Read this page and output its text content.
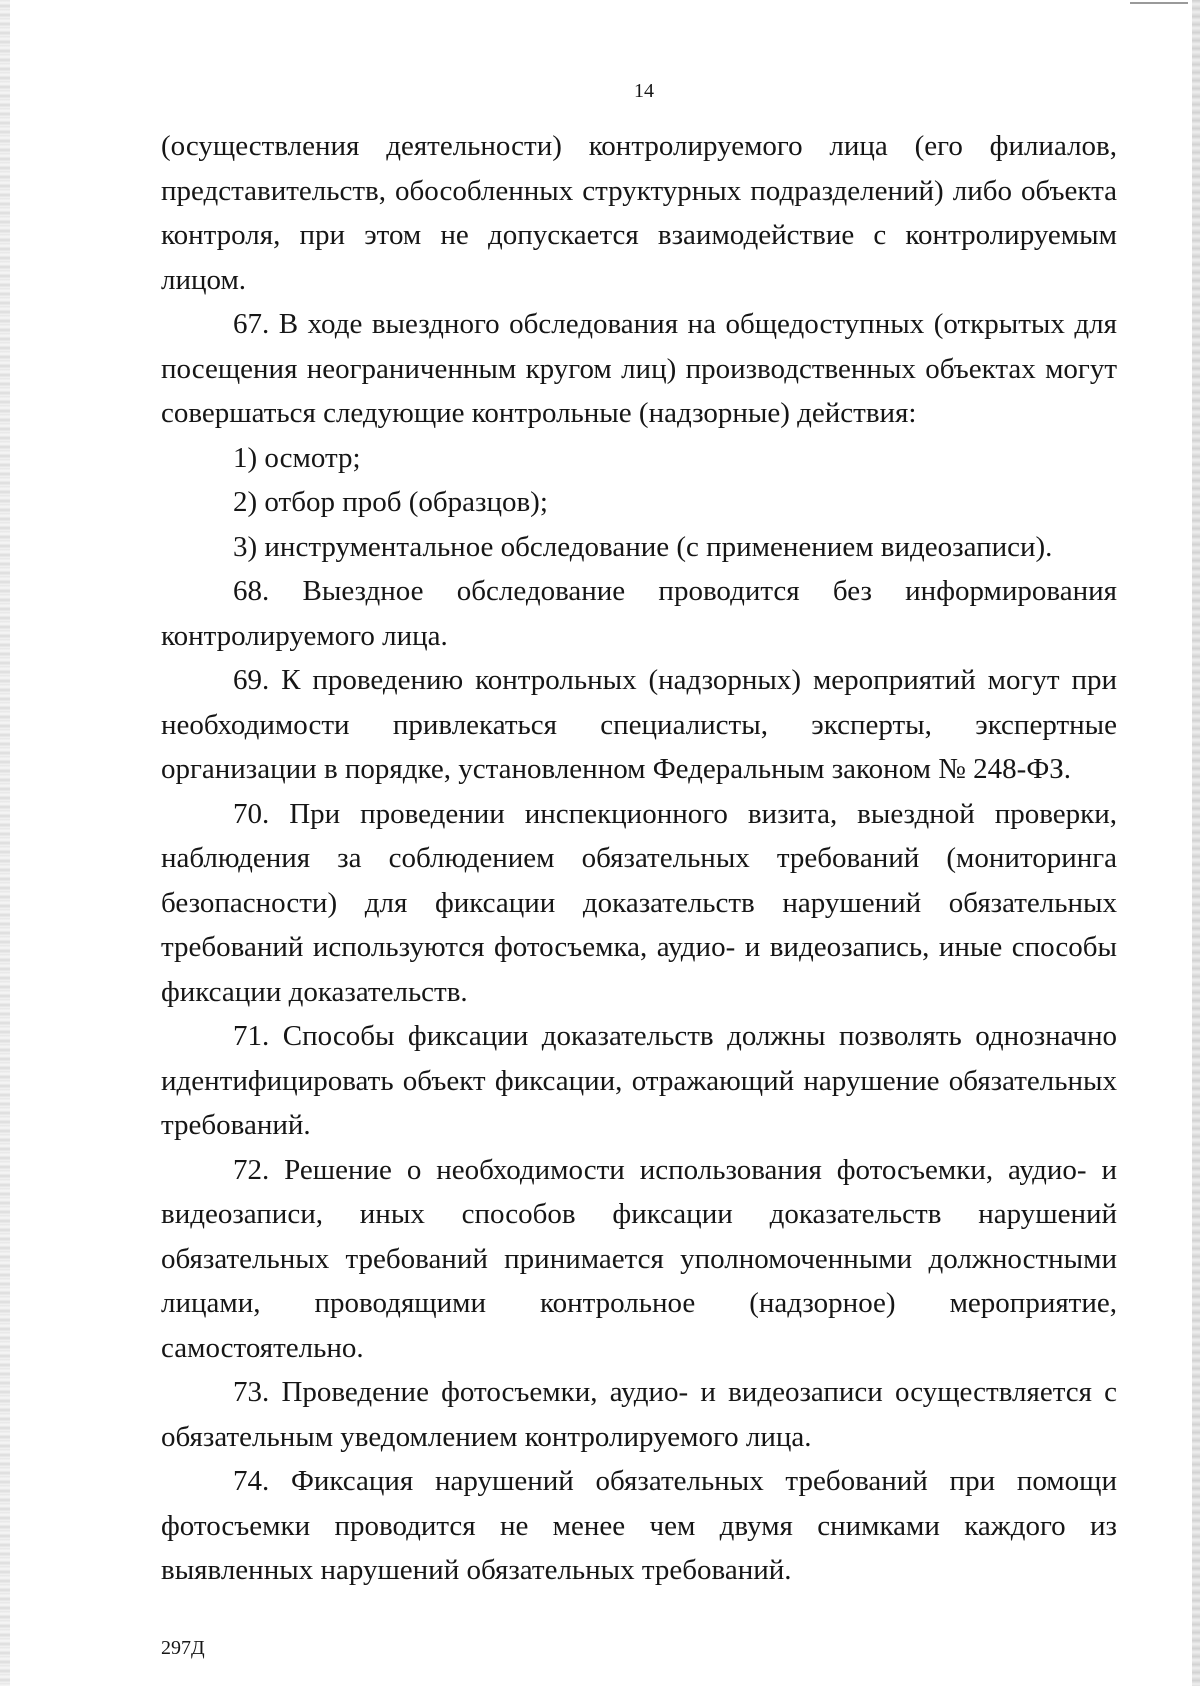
14

(осуществления деятельности) контролируемого лица (его филиалов, представительств, обособленных структурных подразделений) либо объекта контроля, при этом не допускается взаимодействие с контролируемым лицом.

67. В ходе выездного обследования на общедоступных (открытых для посещения неограниченным кругом лиц) производственных объектах могут совершаться следующие контрольные (надзорные) действия:

1) осмотр;

2) отбор проб (образцов);

3) инструментальное обследование (с применением видеозаписи).

68. Выездное обследование проводится без информирования контролируемого лица.

69. К проведению контрольных (надзорных) мероприятий могут при необходимости привлекаться специалисты, эксперты, экспертные организации в порядке, установленном Федеральным законом № 248-ФЗ.

70. При проведении инспекционного визита, выездной проверки, наблюдения за соблюдением обязательных требований (мониторинга безопасности) для фиксации доказательств нарушений обязательных требований используются фотосъемка, аудио- и видеозапись, иные способы фиксации доказательств.

71. Способы фиксации доказательств должны позволять однозначно идентифицировать объект фиксации, отражающий нарушение обязательных требований.

72. Решение о необходимости использования фотосъемки, аудио- и видеозаписи, иных способов фиксации доказательств нарушений обязательных требований принимается уполномоченными должностными лицами, проводящими контрольное (надзорное) мероприятие, самостоятельно.

73. Проведение фотосъемки, аудио- и видеозаписи осуществляется с обязательным уведомлением контролируемого лица.

74. Фиксация нарушений обязательных требований при помощи фотосъемки проводится не менее чем двумя снимками каждого из выявленных нарушений обязательных требований.

297Д
